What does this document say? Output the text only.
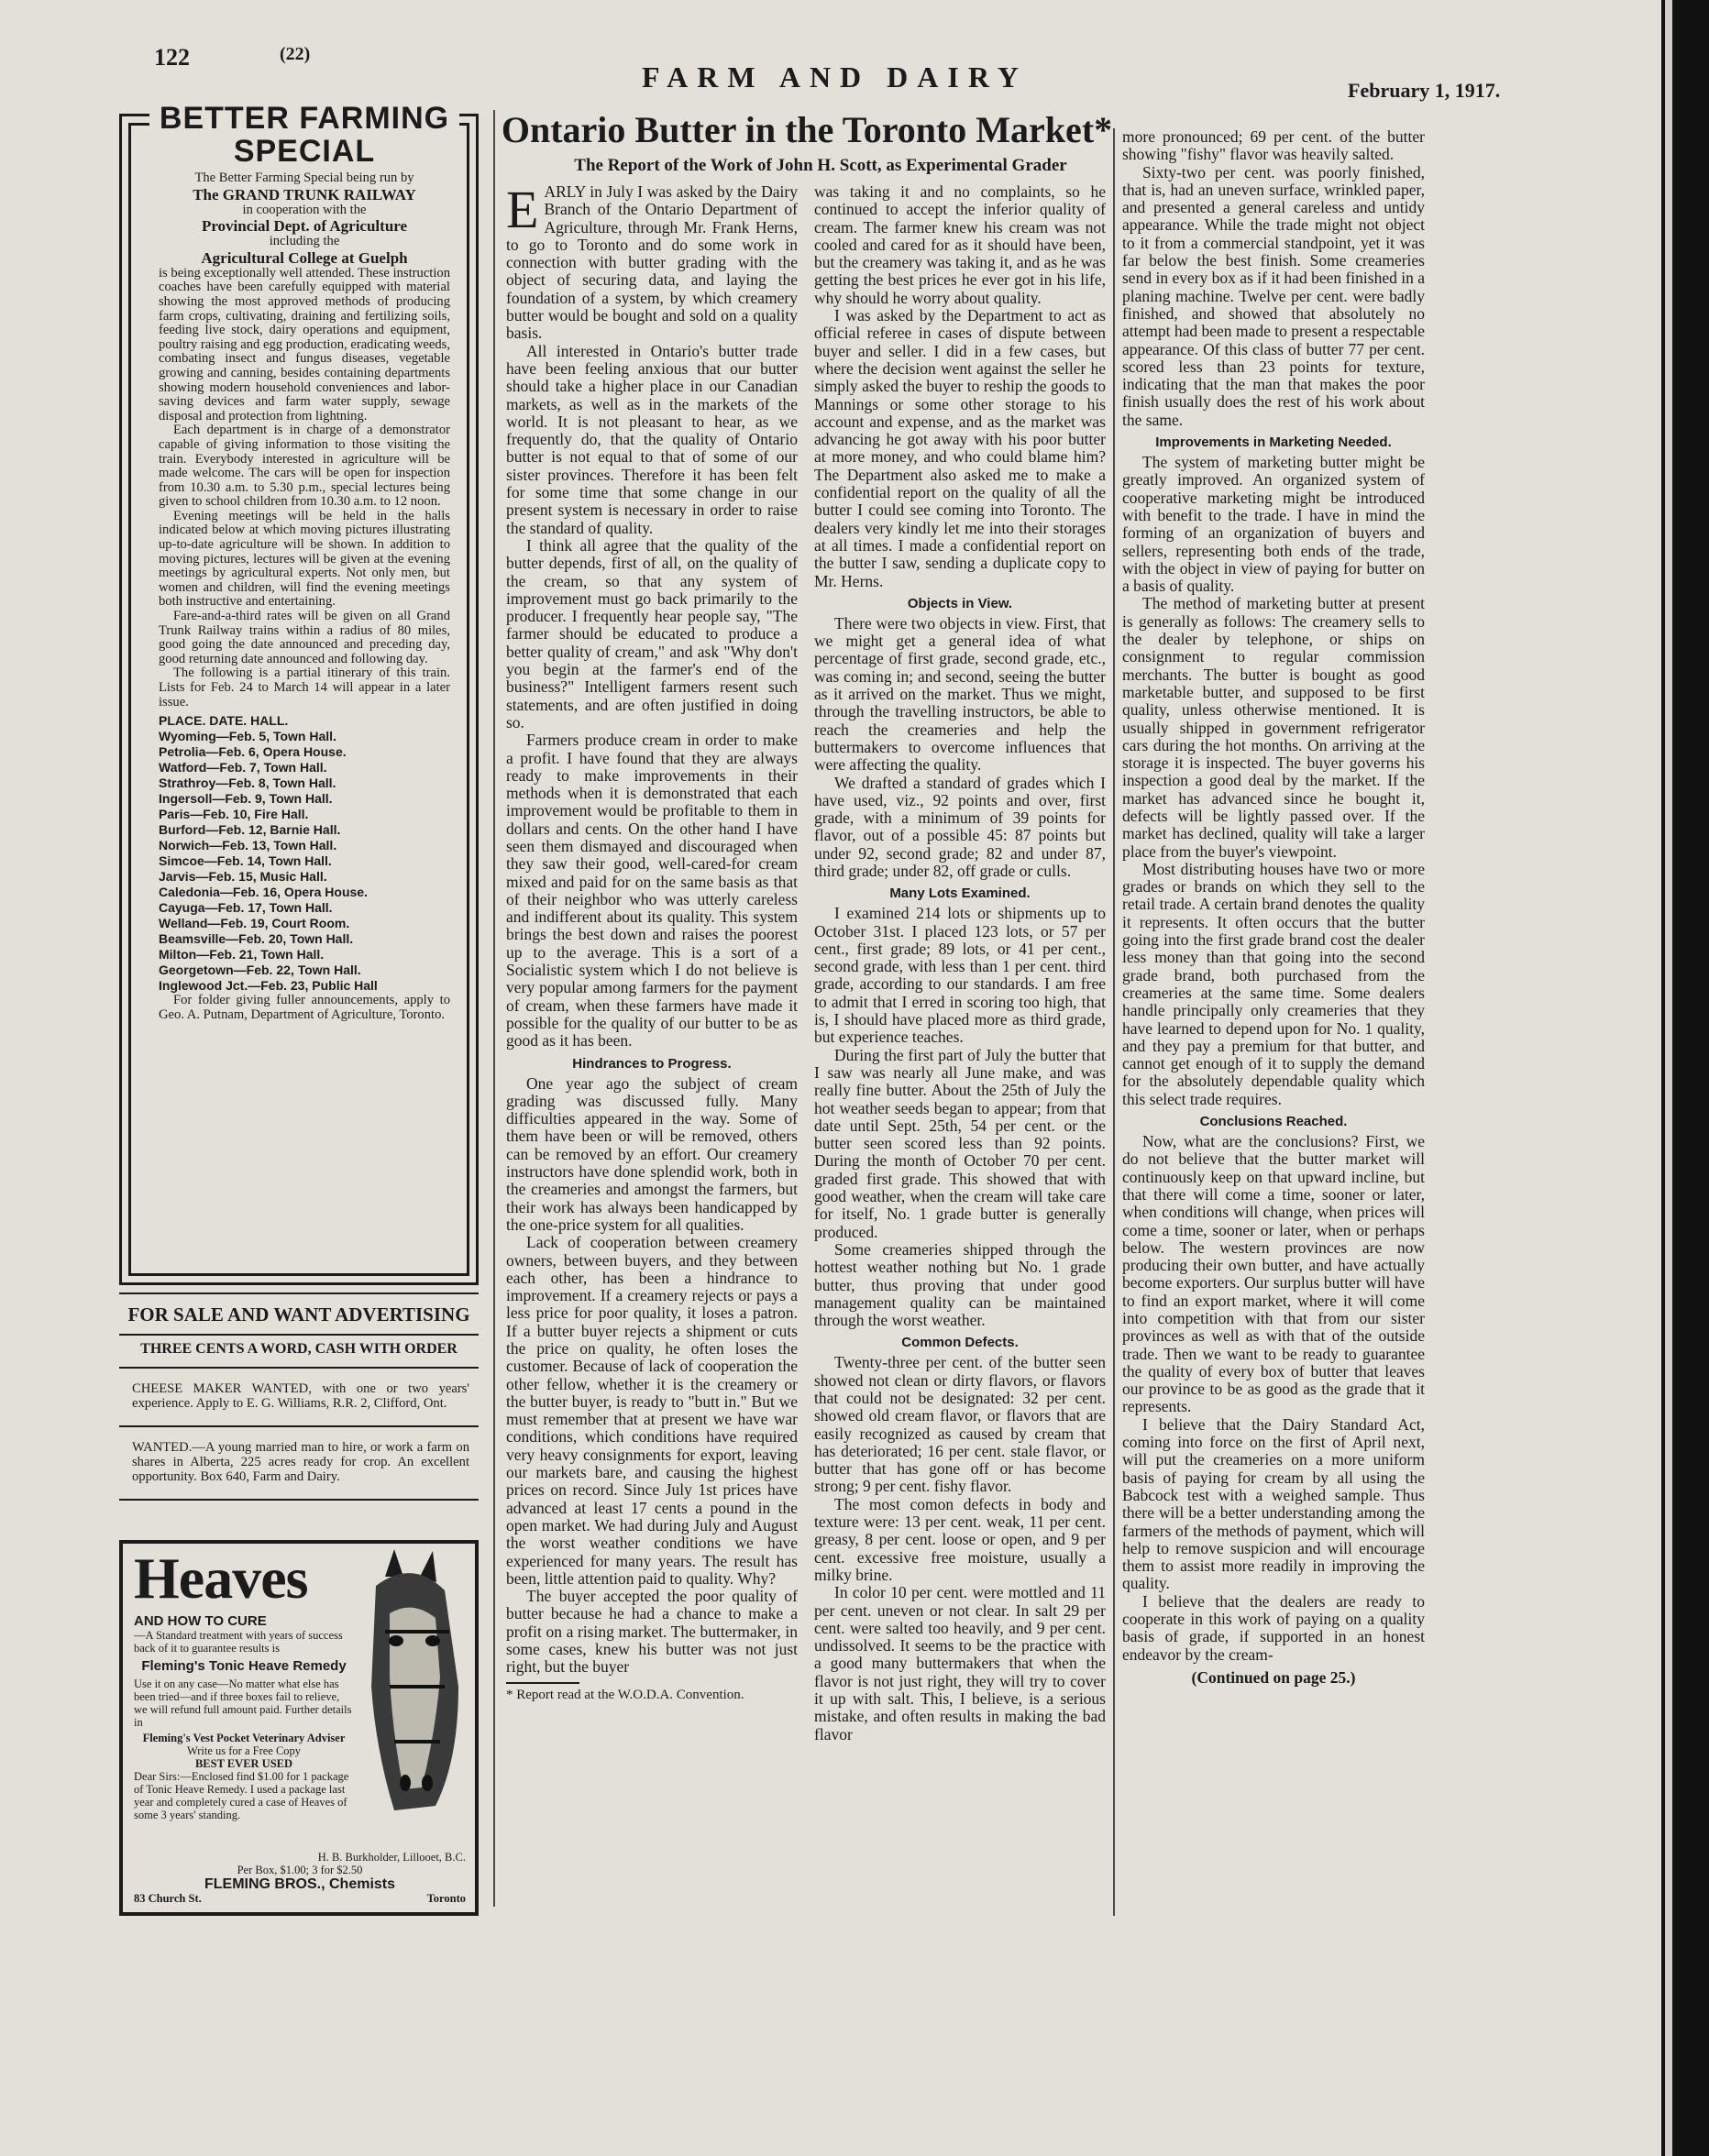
122	(22)
FARM AND DAIRY	February 1, 1917.
BETTER FARMING
SPECIAL

The Better Farming Special being run by

The GRAND TRUNK RAILWAY

in cooperation with the

Provincial Dept. of Agriculture

including the

Agricultural College at Guelph

is being exceptionally well attended. These instruction coaches have been carefully equipped with material showing the most approved methods of producing farm crops, cultivating, draining and fertilizing soils, feeding live stock, dairy operations and equipment, poultry raising and egg production, eradicating weeds, combating insect and fungus diseases, vegetable growing and canning, besides containing departments showing modern household conveniences and labor-saving devices and farm water supply, sewage disposal and protection from lightning.

Each department is in charge of a demonstrator capable of giving information to those visiting the train. Everybody interested in agriculture will be made welcome. The cars will be open for inspection from 10.30 a.m. to 5.30 p.m., special lectures being given to school children from 10.30 a.m. to 12 noon.

Evening meetings will be held in the halls indicated below at which moving pictures illustrating up-to-date agriculture will be shown. In addition to moving pictures, lectures will be given at the evening meetings by agricultural experts. Not only men, but women and children, will find the evening meetings both instructive and entertaining.

Fare-and-a-third rates will be given on all Grand Trunk Railway trains within a radius of 80 miles, good going the date announced and preceding day, good returning date announced and following day.

The following is a partial itinerary of this train. Lists for Feb. 24 to March 14 will appear in a later issue.

PLACE. DATE. HALL.

Wyoming—Feb. 5, Town Hall.

Petrolia—Feb. 6, Opera House.

Watford—Feb. 7, Town Hall.

Strathroy—Feb. 8, Town Hall.

Ingersoll—Feb. 9, Town Hall.

Paris—Feb. 10, Fire Hall.

Burford—Feb. 12, Barnie Hall.

Norwich—Feb. 13, Town Hall.

Simcoe—Feb. 14, Town Hall.

Jarvis—Feb. 15, Music Hall.

Caledonia—Feb. 16, Opera House.

Cayuga—Feb. 17, Town Hall.

Welland—Feb. 19, Court Room.

Beamsville—Feb. 20, Town Hall.

Milton—Feb. 21, Town Hall.

Georgetown—Feb. 22, Town Hall.

Inglewood Jct.—Feb. 23, Public Hall

For folder giving fuller announcements, apply to Geo. A. Putnam, Department of Agriculture, Toronto.

FOR SALE AND WANT ADVERTISING
THREE CENTS A WORD, CASH WITH ORDER
CHEESE MAKER WANTED, with one or two years' experience. Apply to E. G. Williams, R.R. 2, Clifford, Ont.
WANTED.—A young married man to hire, or work a farm on shares in Alberta, 225 acres ready for crop. An excellent opportunity. Box 640, Farm and Dairy.
Heaves
AND HOW TO CURE
—A Standard treatment with years of success back of it to guarantee results is
Fleming's Tonic Heave Remedy
Use it on any case—No matter what else has been tried—and if three boxes fail to relieve, we will refund full amount paid. Further details in
Fleming's Vest Pocket Veterinary Adviser
Write us for a Free Copy
BEST EVER USED
Dear Sirs:—Enclosed find $1.00 for 1 package of Tonic Heave Remedy. I used a package last year and completely cured a case of Heaves of some 3 years' standing.
H. B. Burkholder, Lillooet, B.C.
Per Box, $1.00; 3 for $2.50
FLEMING BROS., Chemists
83 Church St.	Toronto
Ontario Butter in the Toronto Market*
The Report of the Work of John H. Scott, as Experimental Grader

EARLY in July I was asked by the Dairy Branch of the Ontario Department of Agriculture, through Mr. Frank Herns, to go to Toronto and do some work in connection with butter grading with the object of securing data, and laying the foundation of a system, by which creamery butter would be bought and sold on a quality basis.

All interested in Ontario's butter trade have been feeling anxious that our butter should take a higher place in our Canadian markets, as well as in the markets of the world. It is not pleasant to hear, as we frequently do, that the quality of Ontario butter is not equal to that of some of our sister provinces. Therefore it has been felt for some time that some change in our present system is necessary in order to raise the standard of quality.

I think all agree that the quality of the butter depends, first of all, on the quality of the cream, so that any system of improvement must go back primarily to the producer. I frequently hear people say, "The farmer should be educated to produce a better quality of cream," and ask "Why don't you begin at the farmer's end of the business?" Intelligent farmers resent such statements, and are often justified in doing so.

Farmers produce cream in order to make a profit. I have found that they are always ready to make improvements in their methods when it is demonstrated that each improvement would be profitable to them in dollars and cents. On the other hand I have seen them dismayed and discouraged when they saw their good, well-cared-for cream mixed and paid for on the same basis as that of their neighbor who was utterly careless and indifferent about its quality. This system brings the best down and raises the poorest up to the average. This is a sort of a Socialistic system which I do not believe is very popular among farmers for the payment of cream, when these farmers have made it possible for the quality of our butter to be as good as it has been.

Hindrances to Progress.

One year ago the subject of cream grading was discussed fully. Many difficulties appeared in the way. Some of them have been or will be removed, others can be removed by an effort. Our creamery instructors have done splendid work, both in the creameries and amongst the farmers, but their work has always been handicapped by the one-price system for all qualities.

Lack of cooperation between creamery owners, between buyers, and they between each other, has been a hindrance to improvement. If a creamery rejects or pays a less price for poor quality, it loses a patron. If a butter buyer rejects a shipment or cuts the price on quality, he often loses the customer. Because of lack of cooperation the other fellow, whether it is the creamery or the butter buyer, is ready to "butt in." But we must remember that at present we have war conditions, which conditions have required very heavy consignments for export, leaving our markets bare, and causing the highest prices on record. Since July 1st prices have advanced at least 17 cents a pound in the open market. We had during July and August the worst weather conditions we have experienced for many years. The result has been, little attention paid to quality. Why?

The buyer accepted the poor quality of butter because he had a chance to make a profit on a rising market. The buttermaker, in some cases, knew his butter was not just right, but the buyer

* Report read at the W.O.D.A. Convention.

was taking it and no complaints, so he continued to accept the inferior quality of cream. The farmer knew his cream was not cooled and cared for as it should have been, but the creamery was taking it, and as he was getting the best prices he ever got in his life, why should he worry about quality.

I was asked by the Department to act as official referee in cases of dispute between buyer and seller. I did in a few cases, but where the decision went against the seller he simply asked the buyer to reship the goods to Mannings or some other storage to his account and expense, and as the market was advancing he got away with his poor butter at more money, and who could blame him? The Department also asked me to make a confidential report on the quality of all the butter I could see coming into Toronto. The dealers very kindly let me into their storages at all times. I made a confidential report on the butter I saw, sending a duplicate copy to Mr. Herns.

Objects in View.

There were two objects in view. First, that we might get a general idea of what percentage of first grade, second grade, etc., was coming in; and second, seeing the butter as it arrived on the market. Thus we might, through the travelling instructors, be able to reach the creameries and help the buttermakers to overcome influences that were affecting the quality.

We drafted a standard of grades which I have used, viz., 92 points and over, first grade, with a minimum of 39 points for flavor, out of a possible 45: 87 points but under 92, second grade; 82 and under 87, third grade; under 82, off grade or culls.

Many Lots Examined.

I examined 214 lots or shipments up to October 31st. I placed 123 lots, or 57 per cent., first grade; 89 lots, or 41 per cent., second grade, with less than 1 per cent. third grade, according to our standards. I am free to admit that I erred in scoring too high, that is, I should have placed more as third grade, but experience teaches.

During the first part of July the butter that I saw was nearly all June make, and was really fine butter. About the 25th of July the hot weather seeds began to appear; from that date until Sept. 25th, 54 per cent. or the butter seen scored less than 92 points. During the month of October 70 per cent. graded first grade. This showed that with good weather, when the cream will take care for itself, No. 1 grade butter is generally produced.

Some creameries shipped through the hottest weather nothing but No. 1 grade butter, thus proving that under good management quality can be maintained through the worst weather.

Common Defects.

Twenty-three per cent. of the butter seen showed not clean or dirty flavors, or flavors that could not be designated: 32 per cent. showed old cream flavor, or flavors that are easily recognized as caused by cream that has deteriorated; 16 per cent. stale flavor, or butter that has gone off or has become strong; 9 per cent. fishy flavor.

The most comon defects in body and texture were: 13 per cent. weak, 11 per cent. greasy, 8 per cent. loose or open, and 9 per cent. excessive free moisture, usually a milky brine.

In color 10 per cent. were mottled and 11 per cent. uneven or not clear. In salt 29 per cent. were salted too heavily, and 9 per cent. undissolved. It seems to be the practice with a good many buttermakers that when the flavor is not just right, they will try to cover it up with salt. This, I believe, is a serious mistake, and often results in making the bad flavor

more pronounced; 69 per cent. of the butter showing "fishy" flavor was heavily salted.

Sixty-two per cent. was poorly finished, that is, had an uneven surface, wrinkled paper, and presented a general careless and untidy appearance. While the trade might not object to it from a commercial standpoint, yet it was far below the best finish. Some creameries send in every box as if it had been finished in a planing machine. Twelve per cent. were badly finished, and showed that absolutely no attempt had been made to present a respectable appearance. Of this class of butter 77 per cent. scored less than 23 points for texture, indicating that the man that makes the poor finish usually does the rest of his work about the same.

Improvements in Marketing Needed.

The system of marketing butter might be greatly improved. An organized system of cooperative marketing might be introduced with benefit to the trade. I have in mind the forming of an organization of buyers and sellers, representing both ends of the trade, with the object in view of paying for butter on a basis of quality.

The method of marketing butter at present is generally as follows: The creamery sells to the dealer by telephone, or ships on consignment to regular commission merchants. The butter is bought as good marketable butter, and supposed to be first quality, unless otherwise mentioned. It is usually shipped in government refrigerator cars during the hot months. On arriving at the storage it is inspected. The buyer governs his inspection a good deal by the market. If the market has advanced since he bought it, defects will be lightly passed over. If the market has declined, quality will take a larger place from the buyer's viewpoint.

Most distributing houses have two or more grades or brands on which they sell to the retail trade. A certain brand denotes the quality it represents. It often occurs that the butter going into the first grade brand cost the dealer less money than that going into the second grade brand, both purchased from the creameries at the same time. Some dealers handle principally only creameries that they have learned to depend upon for No. 1 quality, and they pay a premium for that butter, and cannot get enough of it to supply the demand for the absolutely dependable quality which this select trade requires.

Conclusions Reached.

Now, what are the conclusions? First, we do not believe that the butter market will continuously keep on that upward incline, but that there will come a time, sooner or later, when conditions will change, when prices will come a time, sooner or later, when or perhaps below. The western provinces are now producing their own butter, and have actually become exporters. Our surplus butter will have to find an export market, where it will come into competition with that from our sister provinces as well as with that of the outside trade. Then we want to be ready to guarantee the quality of every box of butter that leaves our province to be as good as the grade that it represents.

I believe that the Dairy Standard Act, coming into force on the first of April next, will put the creameries on a more uniform basis of paying for cream by all using the Babcock test with a weighed sample. Thus there will be a better understanding among the farmers of the methods of payment, which will help to remove suspicion and will encourage them to assist more readily in improving the quality.

I believe that the dealers are ready to cooperate in this work of paying on a quality basis of grade, if supported in an honest endeavor by the cream-

(Continued on page 25.)
